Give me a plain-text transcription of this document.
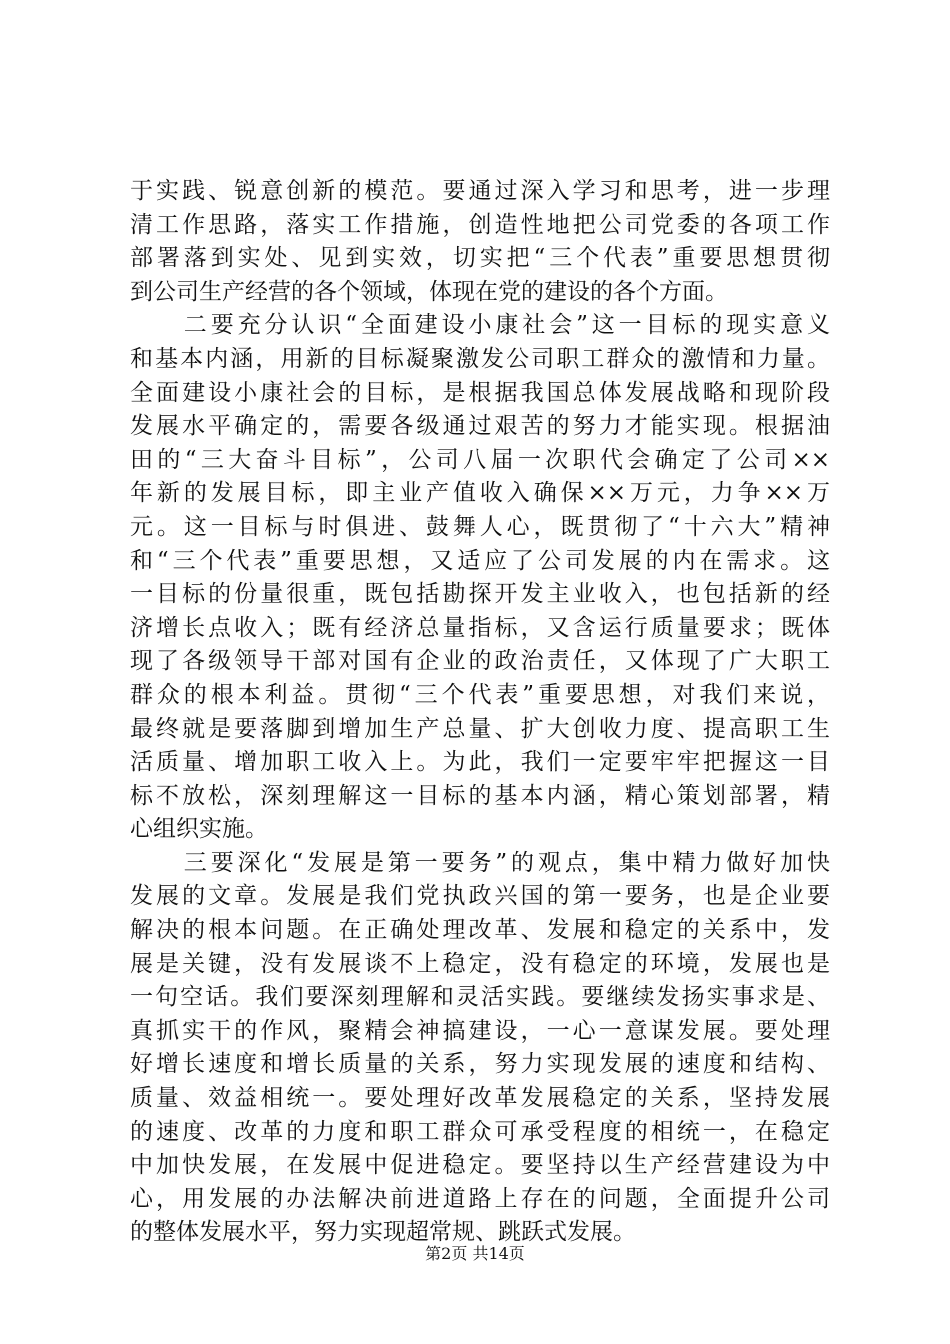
于实践、锐意创新的模范。要通过深入学习和思考，进一步理
清工作思路，落实工作措施，创造性地把公司党委的各项工作
部署落到实处、见到实效，切实把“三个代表”重要思想贯彻
到公司生产经营的各个领域，体现在党的建设的各个方面。
　　二要充分认识“全面建设小康社会”这一目标的现实意义
和基本内涵，用新的目标凝聚激发公司职工群众的激情和力量。
全面建设小康社会的目标，是根据我国总体发展战略和现阶段
发展水平确定的，需要各级通过艰苦的努力才能实现。根据油
田的“三大奋斗目标”，公司八届一次职代会确定了公司××
年新的发展目标，即主业产值收入确保××万元，力争××万
元。这一目标与时俱进、鼓舞人心，既贯彻了“十六大”精神
和“三个代表”重要思想，又适应了公司发展的内在需求。这
一目标的份量很重，既包括勘探开发主业收入，也包括新的经
济增长点收入；既有经济总量指标，又含运行质量要求；既体
现了各级领导干部对国有企业的政治责任，又体现了广大职工
群众的根本利益。贯彻“三个代表”重要思想，对我们来说，
最终就是要落脚到增加生产总量、扩大创收力度、提高职工生
活质量、增加职工收入上。为此，我们一定要牢牢把握这一目
标不放松，深刻理解这一目标的基本内涵，精心策划部署，精
心组织实施。
　　三要深化“发展是第一要务”的观点，集中精力做好加快
发展的文章。发展是我们党执政兴国的第一要务，也是企业要
解决的根本问题。在正确处理改革、发展和稳定的关系中，发
展是关键，没有发展谈不上稳定，没有稳定的环境，发展也是
一句空话。我们要深刻理解和灵活实践。要继续发扬实事求是、
真抓实干的作风，聚精会神搞建设，一心一意谋发展。要处理
好增长速度和增长质量的关系，努力实现发展的速度和结构、
质量、效益相统一。要处理好改革发展稳定的关系，坚持发展
的速度、改革的力度和职工群众可承受程度的相统一，在稳定
中加快发展，在发展中促进稳定。要坚持以生产经营建设为中
心，用发展的办法解决前进道路上存在的问题，全面提升公司
的整体发展水平，努力实现超常规、跳跃式发展。
第2页 共14页
